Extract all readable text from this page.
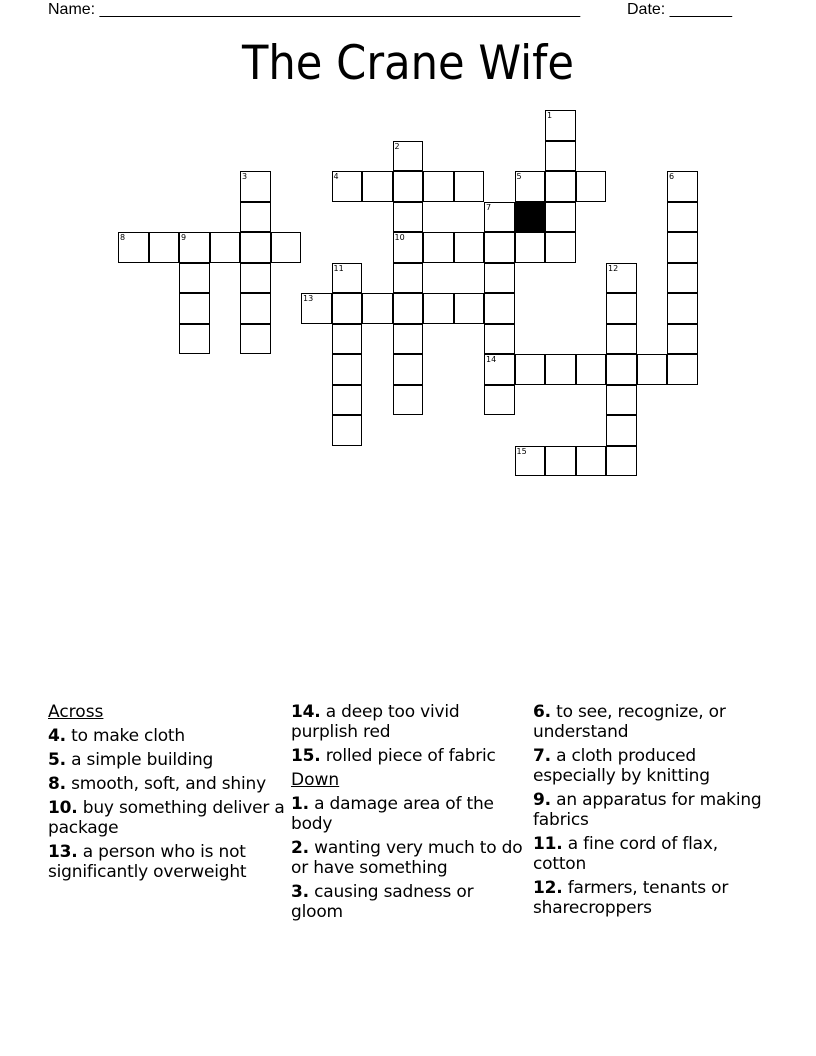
Name: ______________________________________________________	Date: _______
The Crane Wife
1
2
3	4	5	6
7
8	9	10
11	12
13
14
15
Across
4. to make cloth
5. a simple building
8. smooth, soft, and shiny
10. buy something deliver a package
13. a person who is not significantly overweight
14. a deep too vivid purplish red
15. rolled piece of fabric
Down
1. a damage area of the body
2. wanting very much to do or have something
3. causing sadness or gloom
6. to see, recognize, or understand
7. a cloth produced especially by knitting
9. an apparatus for making fabrics
11. a fine cord of flax, cotton
12. farmers, tenants or sharecroppers
